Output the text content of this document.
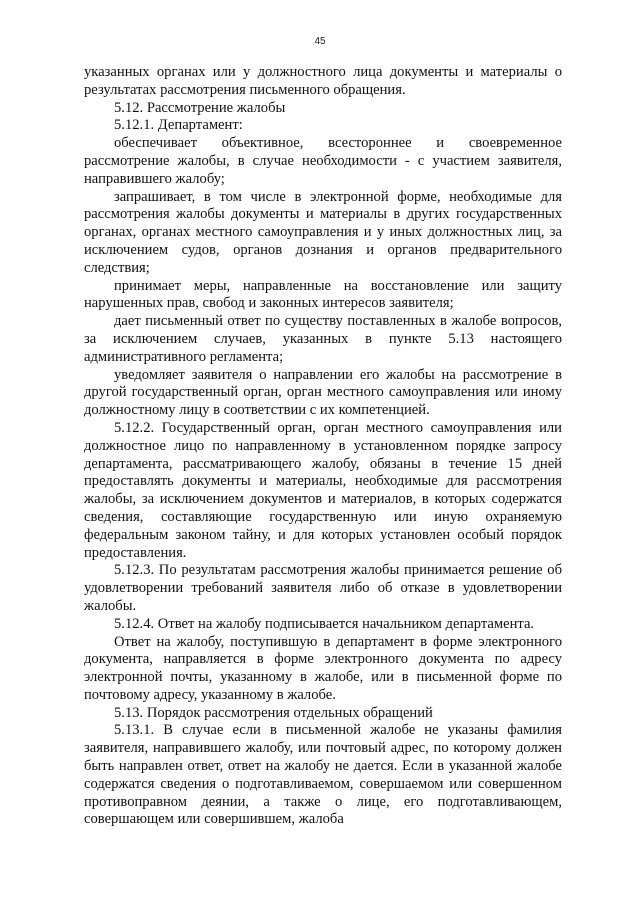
45

указанных органах или у должностного лица документы и материалы о результатах рассмотрения письменного обращения.

5.12. Рассмотрение жалобы

5.12.1. Департамент:

обеспечивает объективное, всестороннее и своевременное рассмотрение жалобы, в случае необходимости - с участием заявителя, направившего жалобу;

запрашивает, в том числе в электронной форме, необходимые для рассмотрения жалобы документы и материалы в других государственных органах, органах местного самоуправления и у иных должностных лиц, за исключением судов, органов дознания и органов предварительного следствия;

принимает меры, направленные на восстановление или защиту нарушенных прав, свобод и законных интересов заявителя;

дает письменный ответ по существу поставленных в жалобе вопросов, за исключением случаев, указанных в пункте 5.13 настоящего административного регламента;

уведомляет заявителя о направлении его жалобы на рассмотрение в другой государственный орган, орган местного самоуправления или иному должностному лицу в соответствии с их компетенцией.

5.12.2. Государственный орган, орган местного самоуправления или должностное лицо по направленному в установленном порядке запросу департамента, рассматривающего жалобу, обязаны в течение 15 дней предоставлять документы и материалы, необходимые для рассмотрения жалобы, за исключением документов и материалов, в которых содержатся сведения, составляющие государственную или иную охраняемую федеральным законом тайну, и для которых установлен особый порядок предоставления.

5.12.3. По результатам рассмотрения жалобы принимается решение об удовлетворении требований заявителя либо об отказе в удовлетворении жалобы.

5.12.4. Ответ на жалобу подписывается начальником департамента.

Ответ на жалобу, поступившую в департамент в форме электронного документа, направляется в форме электронного документа по адресу электронной почты, указанному в жалобе, или в письменной форме по почтовому адресу, указанному в жалобе.

5.13. Порядок рассмотрения отдельных обращений

5.13.1. В случае если в письменной жалобе не указаны фамилия заявителя, направившего жалобу, или почтовый адрес, по которому должен быть направлен ответ, ответ на жалобу не дается. Если в указанной жалобе содержатся сведения о подготавливаемом, совершаемом или совершенном противоправном деянии, а также о лице, его подготавливающем, совершающем или совершившем, жалоба
